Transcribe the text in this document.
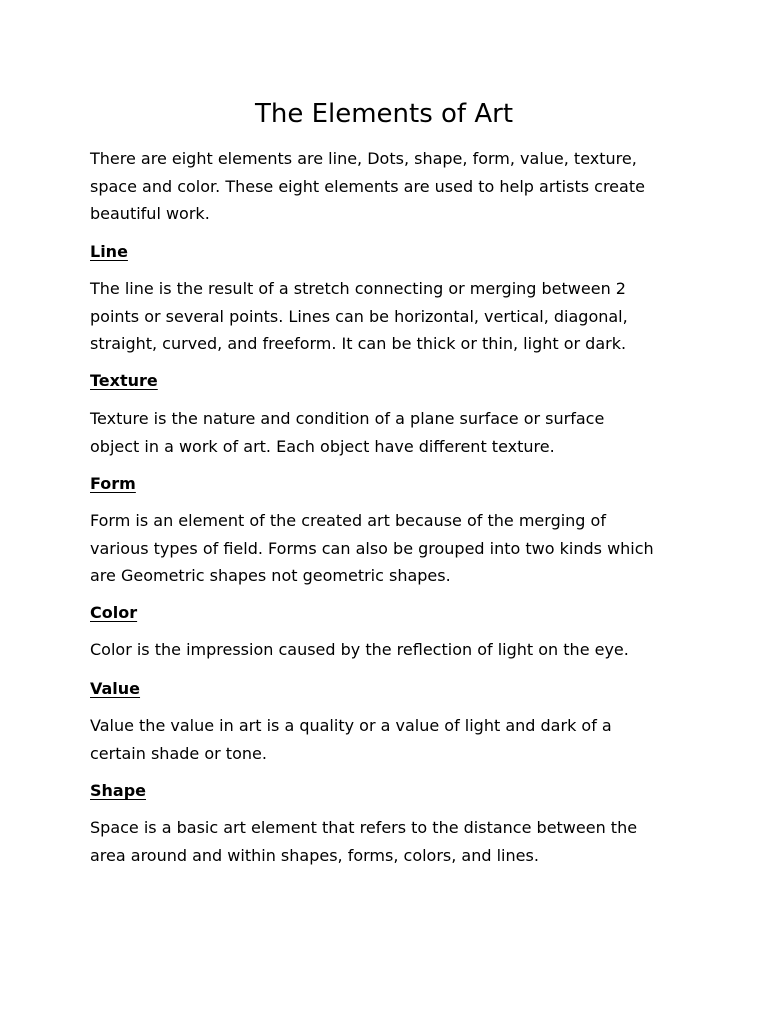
The Elements of Art
There are eight elements are line, Dots, shape, form, value, texture,
space and color. These eight elements are used to help artists create
beautiful work.
Line
The line is the result of a stretch connecting or merging between 2
points or several points. Lines can be horizontal, vertical, diagonal,
straight, curved, and freeform. It can be thick or thin, light or dark.
Texture
Texture is the nature and condition of a plane surface or surface
object in a work of art. Each object have different texture.
Form
Form is an element of the created art because of the merging of
various types of field. Forms can also be grouped into two kinds which
are Geometric shapes not geometric shapes.
Color
Color is the impression caused by the reflection of light on the eye.
Value
Value the value in art is a quality or a value of light and dark of a
certain shade or tone.
Shape
Space is a basic art element that refers to the distance between the
area around and within shapes, forms, colors, and lines.
